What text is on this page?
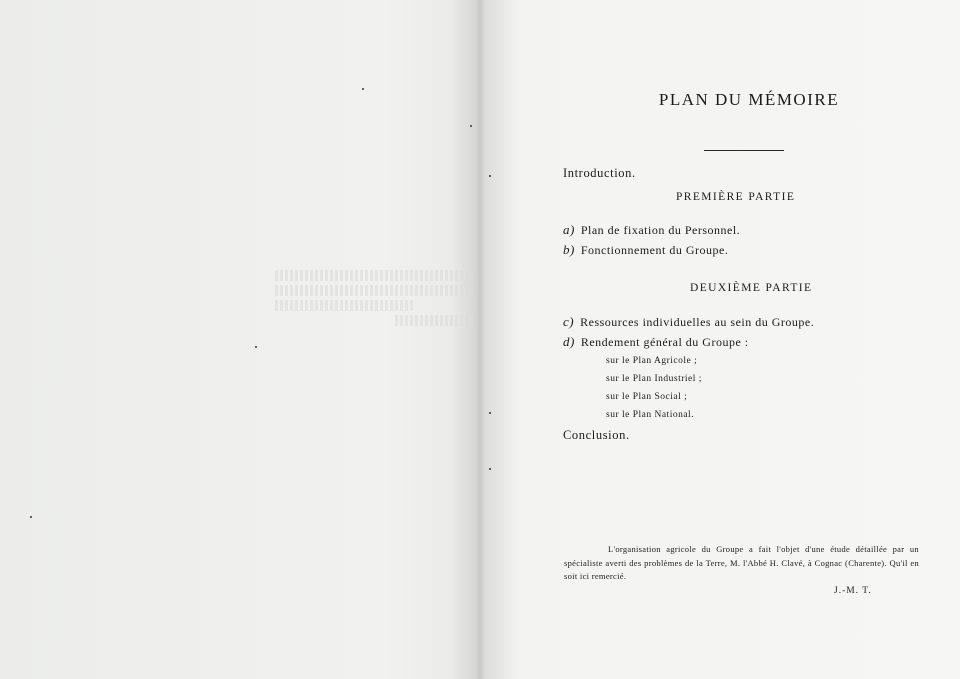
PLAN DU MÉMOIRE
Introduction.
PREMIÈRE PARTIE
a) Plan de fixation du Personnel.
b) Fonctionnement du Groupe.
DEUXIÈME PARTIE
c) Ressources individuelles au sein du Groupe.
d) Rendement général du Groupe :
sur le Plan Agricole ;
sur le Plan Industriel ;
sur le Plan Social ;
sur le Plan National.
Conclusion.
L'organisation agricole du Groupe a fait l'objet d'une étude détaillée par un spécialiste averti des problèmes de la Terre, M. l'Abbé H. Clavé, à Cognac (Charente). Qu'il en soit ici remercié.
J.-M. T.
